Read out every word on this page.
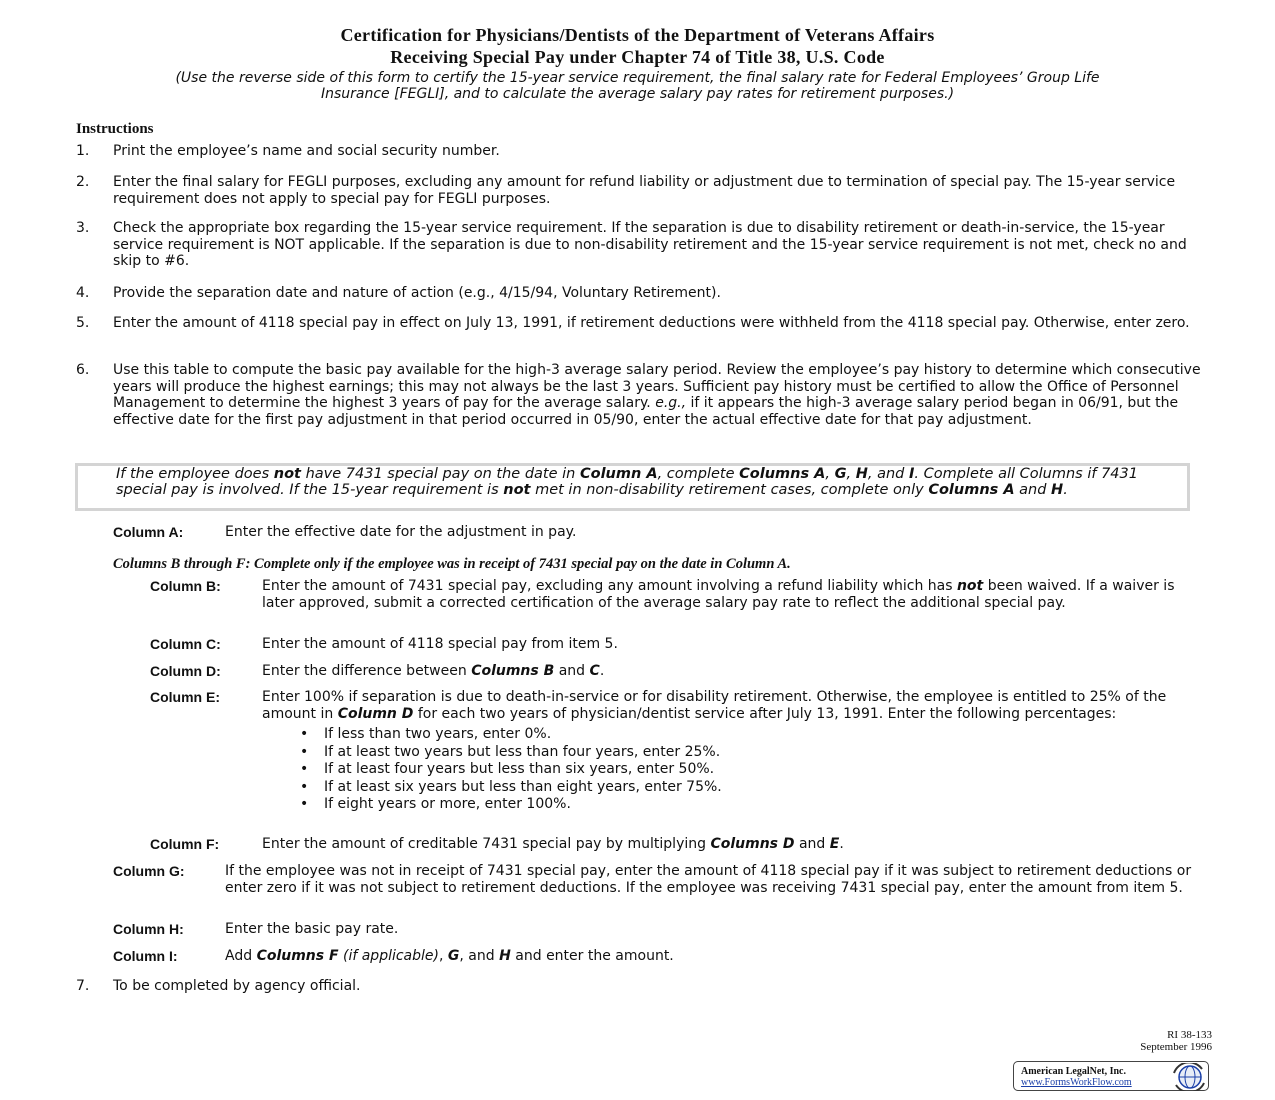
Certification for Physicians/Dentists of the Department of Veterans Affairs
Receiving Special Pay under Chapter 74 of Title 38, U.S. Code
(Use the reverse side of this form to certify the 15-year service requirement, the final salary rate for Federal Employees’ Group Life Insurance [FEGLI], and to calculate the average salary pay rates for retirement purposes.)
Instructions
1. Print the employee’s name and social security number.
2. Enter the final salary for FEGLI purposes, excluding any amount for refund liability or adjustment due to termination of special pay. The 15-year service requirement does not apply to special pay for FEGLI purposes.
3. Check the appropriate box regarding the 15-year service requirement. If the separation is due to disability retirement or death-in-service, the 15-year service requirement is NOT applicable. If the separation is due to non-disability retirement and the 15-year service requirement is not met, check no and skip to #6.
4. Provide the separation date and nature of action (e.g., 4/15/94, Voluntary Retirement).
5. Enter the amount of 4118 special pay in effect on July 13, 1991, if retirement deductions were withheld from the 4118 special pay. Otherwise, enter zero.
6. Use this table to compute the basic pay available for the high-3 average salary period. Review the employee’s pay history to determine which consecutive years will produce the highest earnings; this may not always be the last 3 years. Sufficient pay history must be certified to allow the Office of Personnel Management to determine the highest 3 years of pay for the average salary. e.g., if it appears the high-3 average salary period began in 06/91, but the effective date for the first pay adjustment in that period occurred in 05/90, enter the actual effective date for that pay adjustment.
If the employee does not have 7431 special pay on the date in Column A, complete Columns A, G, H, and I. Complete all Columns if 7431 special pay is involved. If the 15-year requirement is not met in non-disability retirement cases, complete only Columns A and H.
Column A:	Enter the effective date for the adjustment in pay.
Columns B through F: Complete only if the employee was in receipt of 7431 special pay on the date in Column A.
Column B:	Enter the amount of 7431 special pay, excluding any amount involving a refund liability which has not been waived. If a waiver is later approved, submit a corrected certification of the average salary pay rate to reflect the additional special pay.
Column C:	Enter the amount of 4118 special pay from item 5.
Column D:	Enter the difference between Columns B and C.
Column E:	Enter 100% if separation is due to death-in-service or for disability retirement. Otherwise, the employee is entitled to 25% of the amount in Column D for each two years of physician/dentist service after July 13, 1991. Enter the following percentages:
• If less than two years, enter 0%.
• If at least two years but less than four years, enter 25%.
• If at least four years but less than six years, enter 50%.
• If at least six years but less than eight years, enter 75%.
• If eight years or more, enter 100%.
Column F:	Enter the amount of creditable 7431 special pay by multiplying Columns D and E.
Column G:	If the employee was not in receipt of 7431 special pay, enter the amount of 4118 special pay if it was subject to retirement deductions or enter zero if it was not subject to retirement deductions. If the employee was receiving 7431 special pay, enter the amount from item 5.
Column H:	Enter the basic pay rate.
Column I:	Add Columns F (if applicable), G, and H and enter the amount.
7. To be completed by agency official.
RI 38-133
September 1996
American LegalNet, Inc.
www.FormsWorkFlow.com
